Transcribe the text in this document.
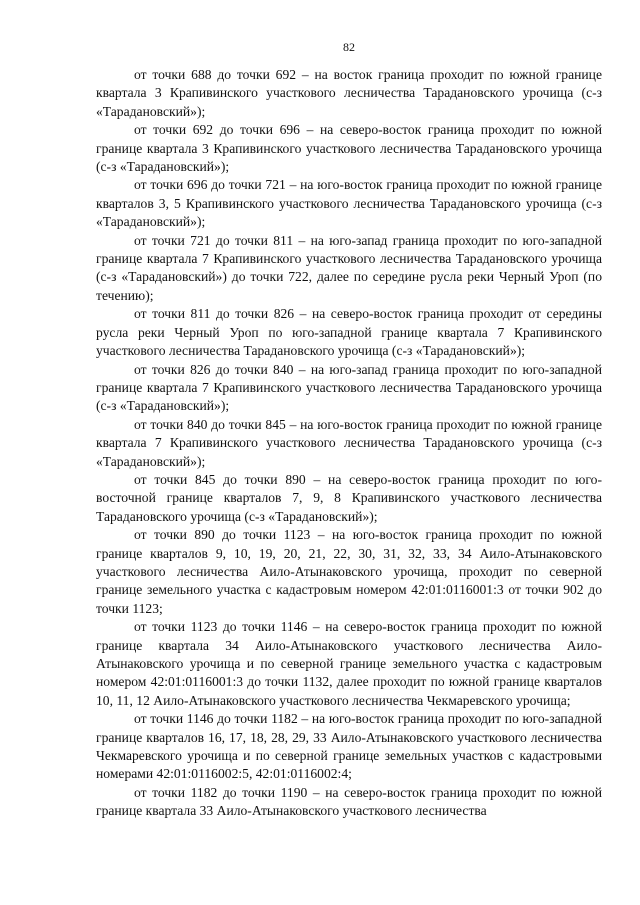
82

от точки 688 до точки 692 – на восток граница проходит по южной границе квартала 3 Крапивинского участкового лесничества Тарадановского урочища (с-з «Тарадановский»);

от точки 692 до точки 696 – на северо-восток граница проходит по южной границе квартала 3 Крапивинского участкового лесничества Тарадановского урочища (с-з «Тарадановский»);

от точки 696 до точки 721 – на юго-восток граница проходит по южной границе кварталов 3, 5 Крапивинского участкового лесничества Тарадановского урочища (с-з «Тарадановский»);

от точки 721 до точки 811 – на юго-запад граница проходит по юго-западной границе квартала 7 Крапивинского участкового лесничества Тарадановского урочища (с-з «Тарадановский») до точки 722, далее по середине русла реки Черный Уроп (по течению);

от точки 811 до точки 826 – на северо-восток граница проходит от середины русла реки Черный Уроп по юго-западной границе квартала 7 Крапивинского участкового лесничества Тарадановского урочища (с-з «Тарадановский»);

от точки 826 до точки 840 – на юго-запад граница проходит по юго-западной границе квартала 7 Крапивинского участкового лесничества Тарадановского урочища (с-з «Тарадановский»);

от точки 840 до точки 845 – на юго-восток граница проходит по южной границе квартала 7 Крапивинского участкового лесничества Тарадановского урочища (с-з «Тарадановский»);

от точки 845 до точки 890 – на северо-восток граница проходит по юго-восточной границе кварталов 7, 9, 8 Крапивинского участкового лесничества Тарадановского урочища (с-з «Тарадановский»);

от точки 890 до точки 1123 – на юго-восток граница проходит по южной границе кварталов 9, 10, 19, 20, 21, 22, 30, 31, 32, 33, 34 Аило-Атынаковского участкового лесничества Аило-Атынаковского урочища, проходит по северной границе земельного участка с кадастровым номером 42:01:0116001:3 от точки 902 до точки 1123;

от точки 1123 до точки 1146 – на северо-восток граница проходит по южной границе квартала 34 Аило-Атынаковского участкового лесничества Аило-Атынаковского урочища и по северной границе земельного участка с кадастровым номером 42:01:0116001:3 до точки 1132, далее проходит по южной границе кварталов 10, 11, 12 Аило-Атынаковского участкового лесничества Чекмаревского урочища;

от точки 1146 до точки 1182 – на юго-восток граница проходит по юго-западной границе кварталов 16, 17, 18, 28, 29, 33 Аило-Атынаковского участкового лесничества Чекмаревского урочища и по северной границе земельных участков с кадастровыми номерами 42:01:0116002:5, 42:01:0116002:4;

от точки 1182 до точки 1190 – на северо-восток граница проходит по южной границе квартала 33 Аило-Атынаковского участкового лесничества
